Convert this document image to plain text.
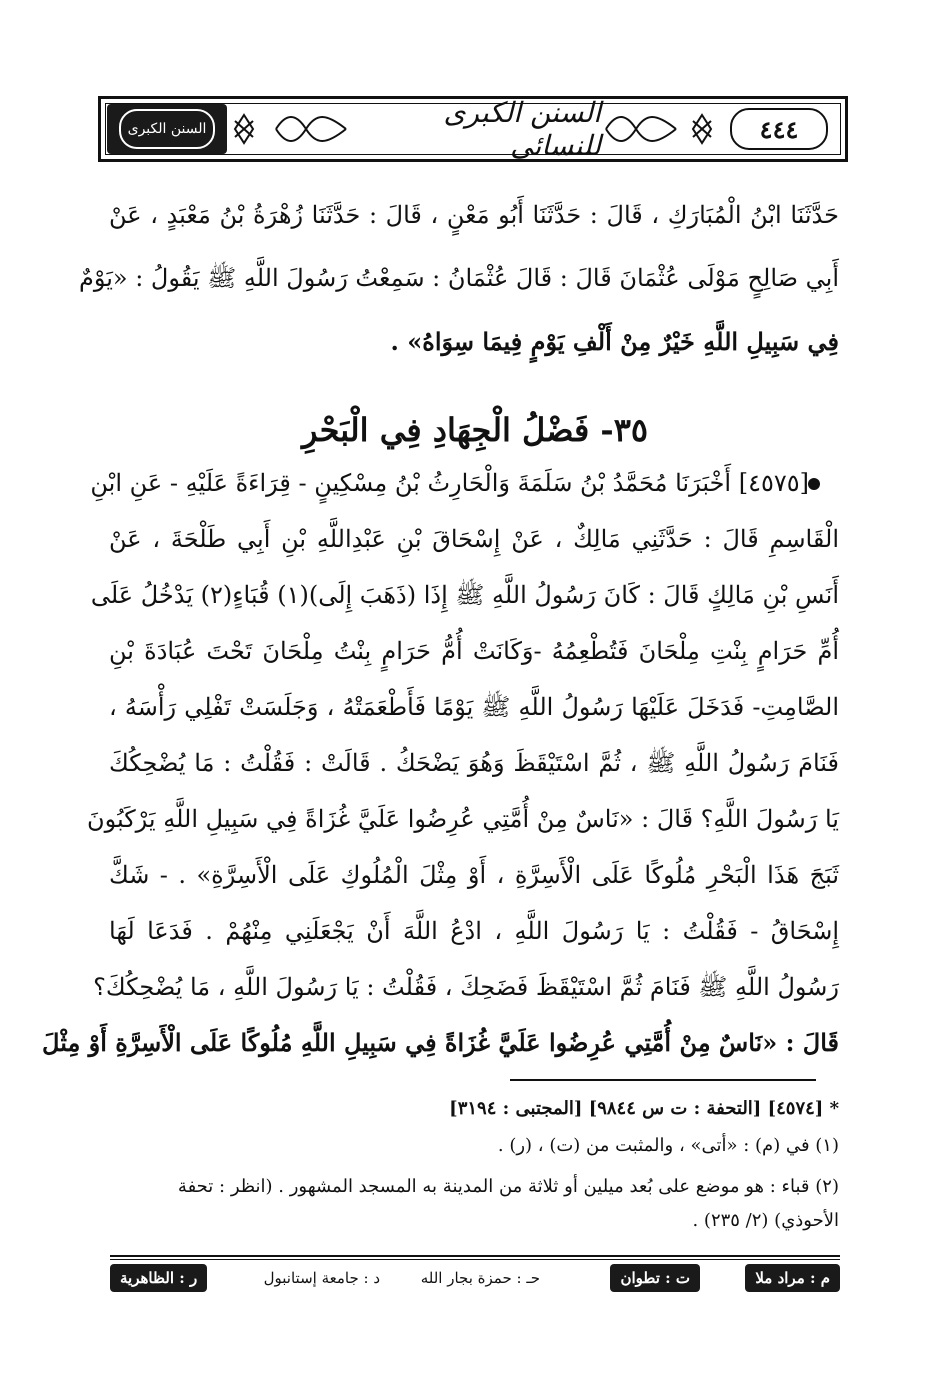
السنن الكبرى	السنن الكبرى للنسائي	٤٤٤
حَدَّثَنَا ابْنُ الْمُبَارَكِ ، قَالَ : حَدَّثَنَا أَبُو مَعْنٍ ، قَالَ : حَدَّثَنَا زُهْرَةُ بْنُ مَعْبَدٍ ، عَنْ
أَبِي صَالِحٍ مَوْلَى عُثْمَانَ قَالَ : قَالَ عُثْمَانُ : سَمِعْتُ رَسُولَ اللَّهِ ﷺ يَقُولُ : «يَوْمٌ
فِي سَبِيلِ اللَّهِ خَيْرٌ مِنْ أَلْفِ يَوْمٍ فِيمَا سِوَاهُ» .
٣٥- فَضْلُ الْجِهَادِ فِي الْبَحْرِ
[٤٥٧٥] أَخْبَرَنَا مُحَمَّدُ بْنُ سَلَمَةَ وَالْحَارِثُ بْنُ مِسْكِينٍ - قِرَاءَةً عَلَيْهِ - عَنِ ابْنِ
الْقَاسِمِ قَالَ : حَدَّثَنِي مَالِكٌ ، عَنْ إِسْحَاقَ بْنِ عَبْدِاللَّهِ بْنِ أَبِي طَلْحَةَ ، عَنْ
أَنَسِ بْنِ مَالِكٍ قَالَ : كَانَ رَسُولُ اللَّهِ ﷺ إِذَا (ذَهَبَ إِلَى)(١) قُبَاءٍ(٢) يَدْخُلُ عَلَى
أُمِّ حَرَامٍ بِنْتِ مِلْحَانَ فَتُطْعِمُهُ -وَكَانَتْ أُمُّ حَرَامٍ بِنْتُ مِلْحَانَ تَحْتَ عُبَادَةَ بْنِ
الصَّامِتِ- فَدَخَلَ عَلَيْهَا رَسُولُ اللَّهِ ﷺ يَوْمًا فَأَطْعَمَتْهُ ، وَجَلَسَتْ تَفْلِي رَأْسَهُ ،
فَنَامَ رَسُولُ اللَّهِ ﷺ ، ثُمَّ اسْتَيْقَظَ وَهُوَ يَضْحَكُ . قَالَتْ : فَقُلْتُ : مَا يُضْحِكُكَ
يَا رَسُولَ اللَّهِ؟ قَالَ : «نَاسٌ مِنْ أُمَّتِي عُرِضُوا عَلَيَّ غُزَاةً فِي سَبِيلِ اللَّهِ يَرْكَبُونَ
ثَبَجَ هَذَا الْبَحْرِ مُلُوكًا عَلَى الْأَسِرَّةِ ، أَوْ مِثْلَ الْمُلُوكِ عَلَى الْأَسِرَّةِ» . - شَكَّ
إِسْحَاقُ - فَقُلْتُ : يَا رَسُولَ اللَّهِ ، ادْعُ اللَّهَ أَنْ يَجْعَلَنِي مِنْهُمْ . فَدَعَا لَهَا
رَسُولُ اللَّهِ ﷺ فَنَامَ ثُمَّ اسْتَيْقَظَ فَضَحِكَ ، فَقُلْتُ : يَا رَسُولَ اللَّهِ ، مَا يُضْحِكُكَ؟
قَالَ : «نَاسٌ مِنْ أُمَّتِي عُرِضُوا عَلَيَّ غُزَاةً فِي سَبِيلِ اللَّهِ مُلُوكًا عَلَى الْأَسِرَّةِ أَوْ مِثْلَ
* [٤٥٧٤] [التحفة : ت س ٩٨٤٤] [المجتبى : ٣١٩٤]
(١) في (م) : «أتى» ، والمثبت من (ت) ، (ر) .
(٢) قباء : هو موضع على بُعد ميلين أو ثلاثة من المدينة به المسجد المشهور . (انظر : تحفة
الأحوذي) (٢/ ٢٣٥) .
م : مراد ملا
ت : تطوان
حـ : حمزة بجار الله
د : جامعة إستانبول
ر : الظاهرية
